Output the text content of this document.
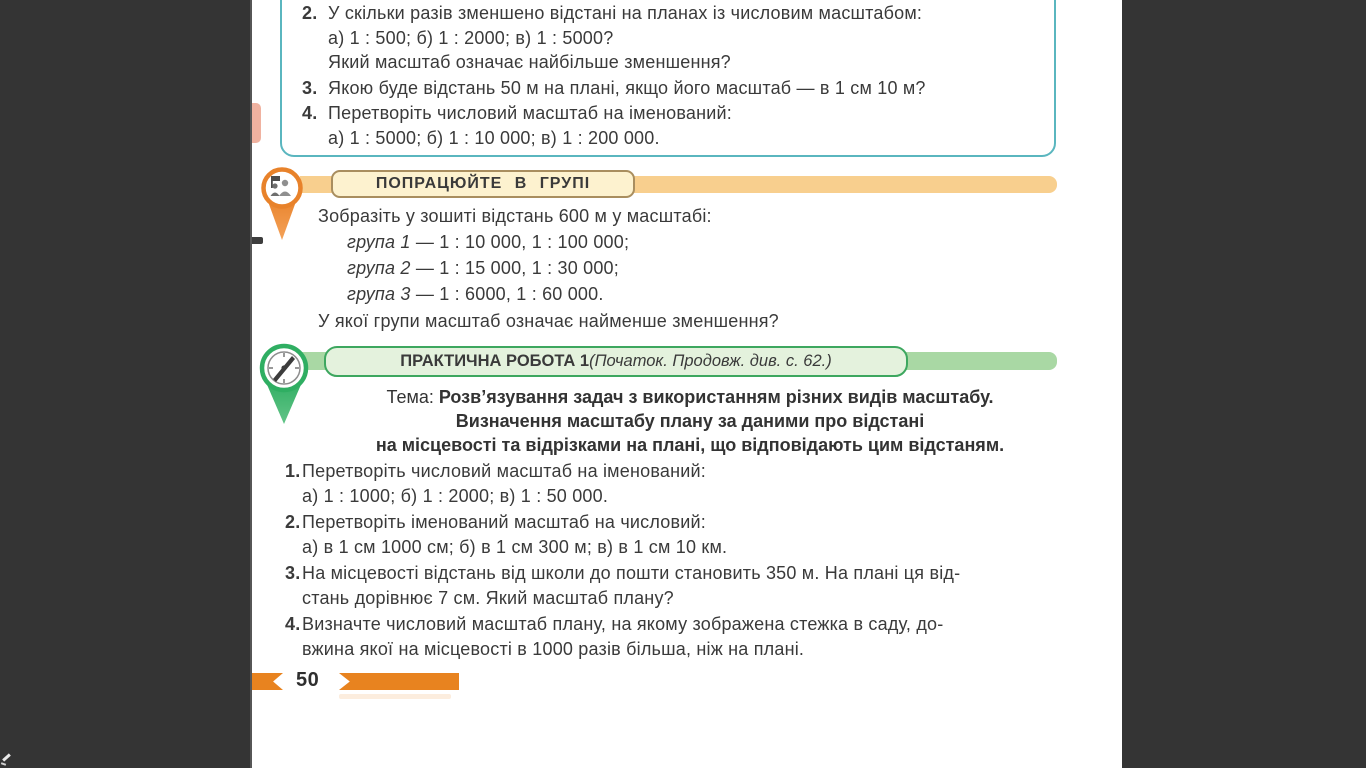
2. У скільки разів зменшено відстані на планах із числовим масштабом:
а) 1 : 500; б) 1 : 2000; в) 1 : 5000?
Який масштаб означає найбільше зменшення?
3. Якою буде відстань 50 м на плані, якщо його масштаб — в 1 см 10 м?
4. Перетворіть числовий масштаб на іменований:
а) 1 : 5000; б) 1 : 10 000; в) 1 : 200 000.
ПОПРАЦЮЙТЕ В ГРУПІ
Зобразіть у зошиті відстань 600 м у масштабі:
група 1 — 1 : 10 000, 1 : 100 000;
група 2 — 1 : 15 000, 1 : 30 000;
група 3 — 1 : 6000, 1 : 60 000.
У якої групи масштаб означає найменше зменшення?
ПРАКТИЧНА РОБОТА 1 (Початок. Продовж. див. с. 62.)
Тема: Розв’язування задач з використанням різних видів масштабу.
Визначення масштабу плану за даними про відстані
на місцевості та відрізками на плані, що відповідають цим відстаням.
1. Перетворіть числовий масштаб на іменований:
а) 1 : 1000; б) 1 : 2000; в) 1 : 50 000.
2. Перетворіть іменований масштаб на числовий:
а) в 1 см 1000 см; б) в 1 см 300 м; в) в 1 см 10 км.
3. На місцевості відстань від школи до пошти становить 350 м. На плані ця від-
стань дорівнює 7 см. Який масштаб плану?
4. Визначте числовий масштаб плану, на якому зображена стежка в саду, до-
вжина якої на місцевості в 1000 разів більша, ніж на плані.
50
